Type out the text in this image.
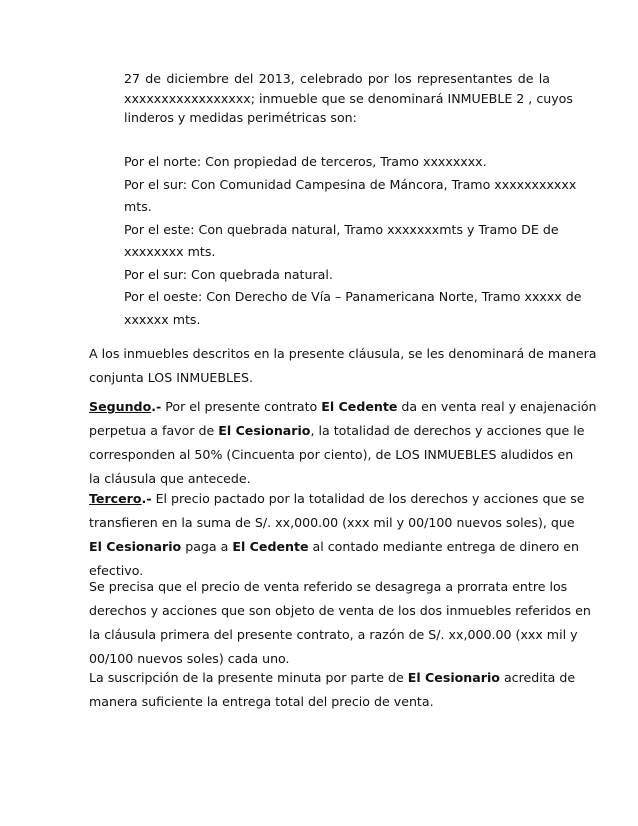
27 de diciembre del 2013, celebrado por los representantes de la
xxxxxxxxxxxxxxxxx; inmueble que se denominará INMUEBLE 2 , cuyos
linderos y medidas perimétricas son:
Por el norte: Con propiedad de terceros, Tramo xxxxxxxx.
Por el sur: Con Comunidad Campesina de Máncora, Tramo xxxxxxxxxxx
mts.
Por el este: Con quebrada natural, Tramo xxxxxxxmts y Tramo DE de
xxxxxxxx mts.
Por el sur: Con quebrada natural.
Por el oeste: Con Derecho de Vía – Panamericana Norte, Tramo xxxxx de
xxxxxx mts.
A los inmuebles descritos en la presente cláusula, se les denominará de manera
conjunta LOS INMUEBLES.
Segundo.- Por el presente contrato El Cedente da en venta real y enajenación
perpetua a favor de El Cesionario, la totalidad de derechos y acciones que le
corresponden al 50% (Cincuenta por ciento), de LOS INMUEBLES aludidos en
la cláusula que antecede.
Tercero.- El precio pactado por la totalidad de los derechos y acciones que se
transfieren en la suma de S/. xx,000.00 (xxx mil y 00/100 nuevos soles), que
El Cesionario paga a El Cedente al contado mediante entrega de dinero en
efectivo.
Se precisa que el precio de venta referido se desagrega a prorrata entre los
derechos y acciones que son objeto de venta de los dos inmuebles referidos en
la cláusula primera del presente contrato, a razón de S/. xx,000.00 (xxx mil y
00/100 nuevos soles) cada uno.
La suscripción de la presente minuta por parte de El Cesionario acredita de
manera suficiente la entrega total del precio de venta.
